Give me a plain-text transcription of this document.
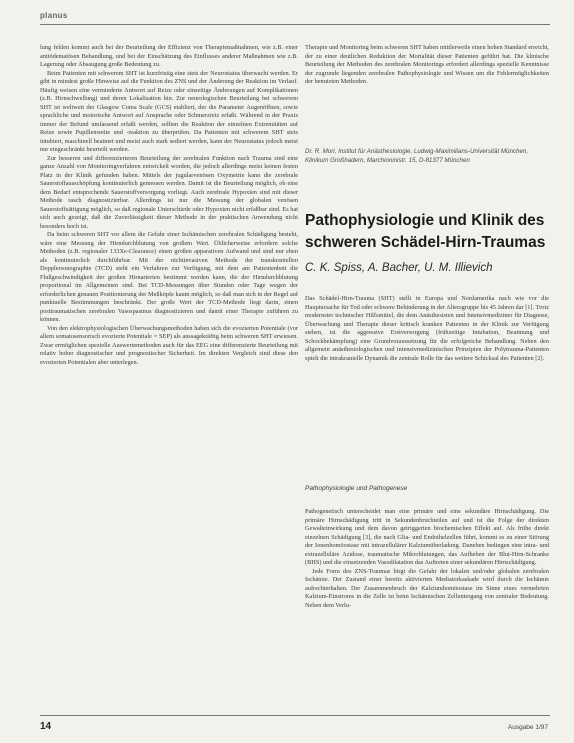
planus

lung fehlen kommt auch bei der Beurteilung der Effizienz von Therapiemaßnahmen, wie z.B. einer antiödematösen Behandlung, und bei der Einschätzung des Einflusses anderer Maßnahmen wie z.B. Lagerung oder Absaugung große Bedeutung zu.

Beim Patienten mit schwerem SHT ist kurzfristig eine stets der Neurostatus überwacht werden. Er gibt in mindest große Hinweise auf die Funktion des ZNS und der Änderung der Reaktion im Verlauf. Häufig weisen eine verminderte Antwort auf Reize oder einseitige Änderungen auf Komplikationen (z.B. Hirnschwellung) und deren Lokalisation hin. Zur neurologischen Beurteilung bei schwerem SHT ist weltweit der Glasgow Coma Scale (GCS) etabliert, der die Parameter Augenöffnen, sowie sprachliche und motorische Antwort auf Ansprache oder Schmerzreiz erfaßt. Während in der Praxis immer der Befund umfassend erfaßt werden, sollten die Reaktion der einzelnen Extremitäten auf Reize sowie Pupillenweite und -reaktion zu überprüfen. Da Patienten mit schwerem SHT stets intubiert, maschinell beatmet und meist auch stark sediert werden, kann der Neurostatus jedoch meist nur eingeschränkt beurteilt werden.

Zur besseren und differenzierteren Beurteilung der zerebralen Funktion nach Trauma sind eine ganze Anzahl von Monitoringverfahren entwickelt worden, die jedoch allerdings meist keinen festen Platz in der Klinik gefunden haben. Mittels der jugularvenösen Oxymetrie kann die zerebrale Sauerstoffausschöpfung kontinuierlich gemessen werden. Damit ist die Beurteilung möglich, ob eine dem Bedarf entsprechende Sauerstoffversorgung vorliegt. Auch zerebrale Hypoxien sind mit dieser Methode rasch diagnostizierbar. Allerdings ist nur die Messung der globalen venösen Sauerstoffsättigung möglich, so daß regionale Unterschiede oder Hypoxien nicht erfaßbar sind. Es hat sich auch gezeigt, daß die Zuverlässigkeit dieser Methode in der praktischen Anwendung nicht besonders hoch ist.

Da beim schweren SHT vor allem die Gefahr einer Ischämischen zerebralen Schädigung besteht, wäre eine Messung der Hirndurchblutung von großem Wert. Üblicherweise erfordern solche Methoden (z.B. regionaler 133Xe-Clearance) einen großen apparativen Aufwand und sind nur eben als kontinuierlich durchführbar. Mit der nichtinvasiven Methode der transkraniellen Dopplersonographie (TCD) steht ein Verfahren zur Verfügung, mit dem am Patientenbett die Flußgeschwindigkeit der großen Hirnarterien bestimmt werden kann, die der Hirndurchblutung proportional im Allgemeinen sind. Bei TCD-Messungen über Stunden oder Tage wegen der erforderlichen genauen Positionierung der Meßköpfe kaum möglich, so daß man sich in der Regel auf punktuelle Bestimmungen beschränkt. Der große Wert der TCD-Methode liegt darin, einen posttraumatischen zerebralen Vasospasmus diagnostizieren und damit einer Therapie zuführen zu können.

Von den elektrophysiologischen Überwachungsmethoden haben sich die evozierten Potentiale (vor allem somatosensorisch evozierte Potentiale = SEP) als aussagekräftig beim schweren SHT erwiesen. Zwar ermöglichen spezielle Auswertemethoden auch für das EEG eine differenzierte Beurteilung mit relativ hoher diagnostischer und prognostischer Sicherheit. Im direkten Vergleich sind diese den evozierten Potentialen aber unterlegen.

Therapie und Monitoring beim schweren SHT haben mittlerweile einen hohen Standard erreicht, der zu einer deutlichen Reduktion der Mortalität dieser Patienten geführt hat. Die klinische Beurteilung der Methoden des zerebralen Monitorings erfordert allerdings spezielle Kenntnisse der zugrunde liegenden zerebralen Pathophysiologie und Wissen um die Fehlermöglichkeiten der benutzten Methoden.

Dr. R. Mori, Institut für Anästhesiologie, Ludwig-Maximilians-Universität München, Klinikum Großhadern, Marchioninistr. 15, D-81377 München
Pathophysiologie und Klinik des schweren Schädel-Hirn-Traumas
C. K. Spiss, A. Bacher, U. M. Illievich

Das Schädel-Hirn-Trauma (SHT) stellt in Europa und Nordamerika nach wie vor die Hauptursache für Tod oder schwere Behinderung in der Altersgruppe bis 45 Jahren dar [1]. Trotz modernster technischer Hilfsmittel, die dem Anästhesisten und Intensivmediziner für Diagnose, Überwachung und Therapie dieser kritisch kranken Patienten in der Klinik zur Verfügung stehen, ist die aggressive Erstversorgung (frühzeitige Intubation, Beatmung und Schockbekämpfung) eine Grundvoraussetzung für die erfolgreiche Behandlung. Neben den allgemein anästhesiologischen und intensivmedizinischen Prinzipien der Polytrauma-Patienten spielt die intrakranielle Dynamik die zentrale Rolle für das weitere Schicksal des Patienten [2].

Pathophysiologie und Pathogenese

Pathogenetisch unterscheidet man eine primäre und eine sekundäre Hirnschädigung. Die primäre Hirnschädigung tritt in Sekundenbruchteilen auf und ist die Folge der direkten Gewalteinwirkung und dem davon getriggerten biochemischen Effekt auf. Als frühe direkt einzelnen Schädigung [3], die nach Glia- und Endothelzellen führt, kommt es zu einer Störung der Ionenhomöostase mit intrazellulärer Kalziumüberladung. Daneben bedingen eine intra- und extrazelluläre Azidose, traumatische Mikroblutungen, das Aufheben der Blut-Hirn-Schranke (BHS) und die einsetzenden Vasodilatation das Auftreten einer sekundären Hirnschädigung.

Jede Form des ZNS-Traumas birgt die Gefahr der lokalen und/oder globalen zerebralen Ischämie. Der Zustand einer bereits aktivierten Mediatorkaskade wird durch die Ischämie aufrechterhalten. Der Zusammenbruch der Kalziumhomöostase im Sinne eines vermehrten Kalzium-Einstroms in die Zelle ist beim Ischämischen Zelluntergang von zentraler Bedeutung. Neben dem Verlu-

14	Ausgabe 1/97
